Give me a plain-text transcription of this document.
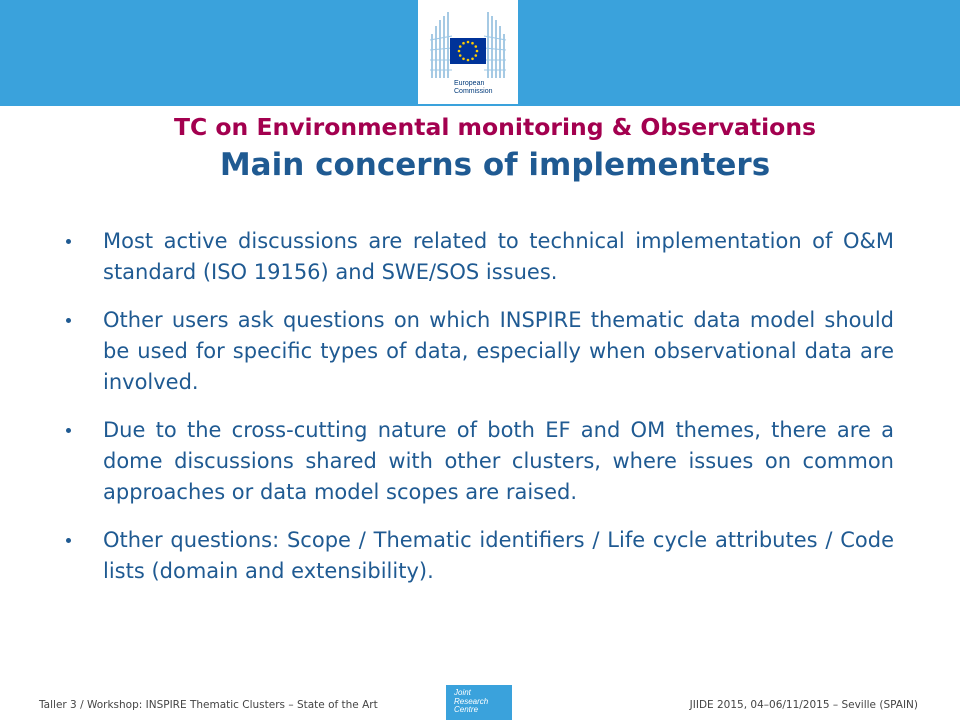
European
Commission
TC on Environmental monitoring & Observations
Main concerns of implementers
Most active discussions are related to technical implementation of O&M standard (ISO 19156) and SWE/SOS issues.
Other users ask questions on which INSPIRE thematic data model should be used for specific types of data, especially when observational data are involved.
Due to the cross-cutting nature of both EF and OM themes, there are a dome discussions shared with other clusters, where issues on common approaches or data model scopes are raised.
Other questions: Scope / Thematic identifiers / Life cycle attributes / Code lists (domain and extensibility).
Taller 3 / Workshop: INSPIRE Thematic Clusters – State of the Art
Joint
Research
Centre	JIIDE 2015, 04–06/11/2015 – Seville (SPAIN)
